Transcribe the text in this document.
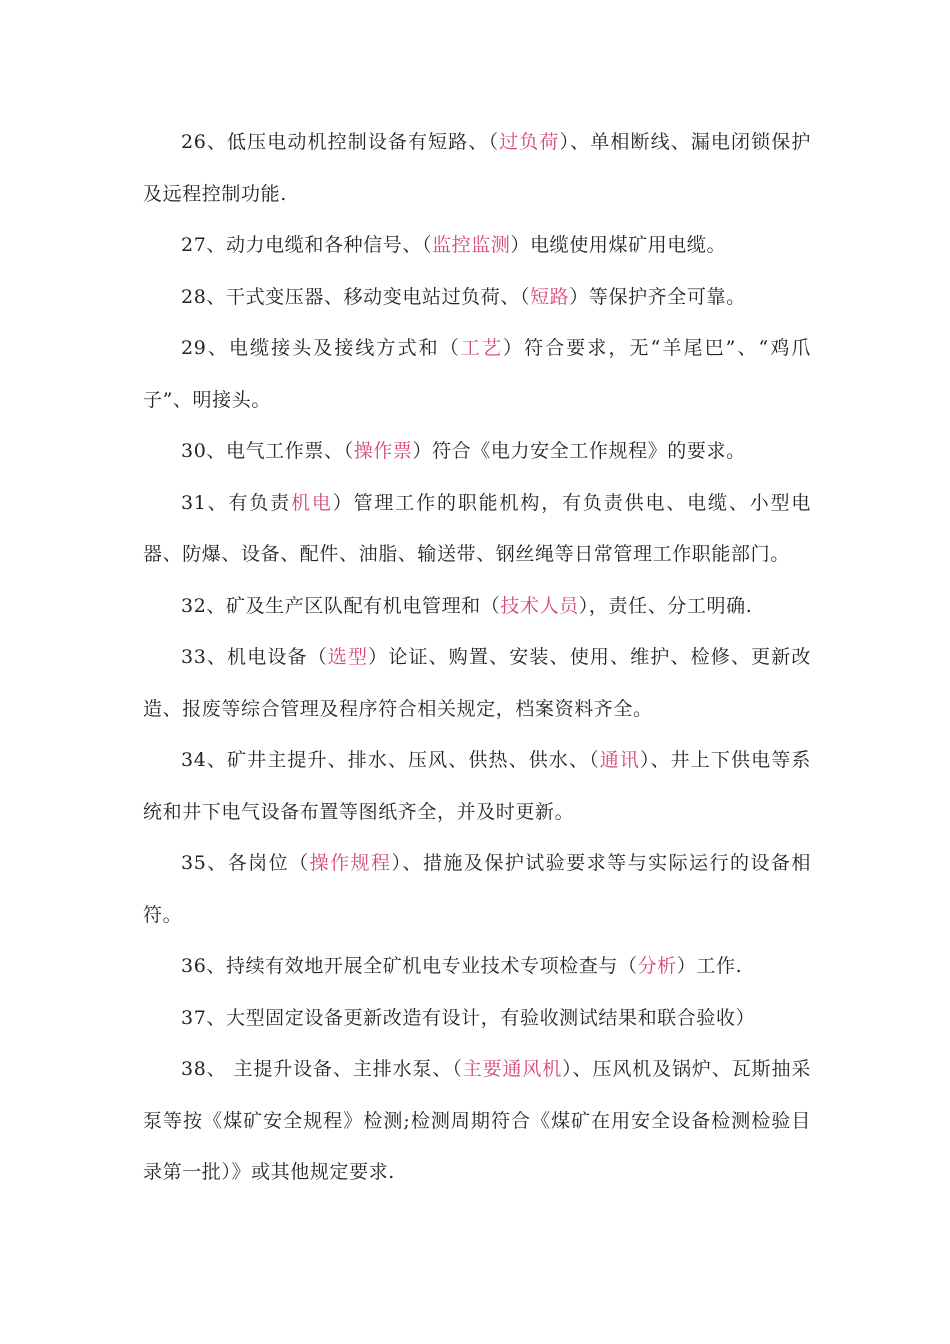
26、低压电动机控制设备有短路、（过负荷）、单相断线、漏电闭锁保护及远程控制功能.

27、动力电缆和各种信号、（监控监测）电缆使用煤矿用电缆。

28、干式变压器、移动变电站过负荷、（短路）等保护齐全可靠。

29、电缆接头及接线方式和（工艺）符合要求，无“羊尾巴”、“鸡爪子”、明接头。

30、电气工作票、（操作票）符合《电力安全工作规程》的要求。

31、有负责机电）管理工作的职能机构，有负责供电、电缆、小型电器、防爆、设备、配件、油脂、输送带、钢丝绳等日常管理工作职能部门。

32、矿及生产区队配有机电管理和（技术人员），责任、分工明确.

33、机电设备（选型）论证、购置、安装、使用、维护、检修、更新改造、报废等综合管理及程序符合相关规定，档案资料齐全。

34、矿井主提升、排水、压风、供热、供水、（通讯）、井上下供电等系统和井下电气设备布置等图纸齐全，并及时更新。

35、各岗位（操作规程）、措施及保护试验要求等与实际运行的设备相符。

36、持续有效地开展全矿机电专业技术专项检查与（分析）工作.

37、大型固定设备更新改造有设计，有验收测试结果和联合验收）

38、 主提升设备、主排水泵、（主要通风机）、压风机及锅炉、瓦斯抽采泵等按《煤矿安全规程》检测;检测周期符合《煤矿在用安全设备检测检验目录第一批）》或其他规定要求.
